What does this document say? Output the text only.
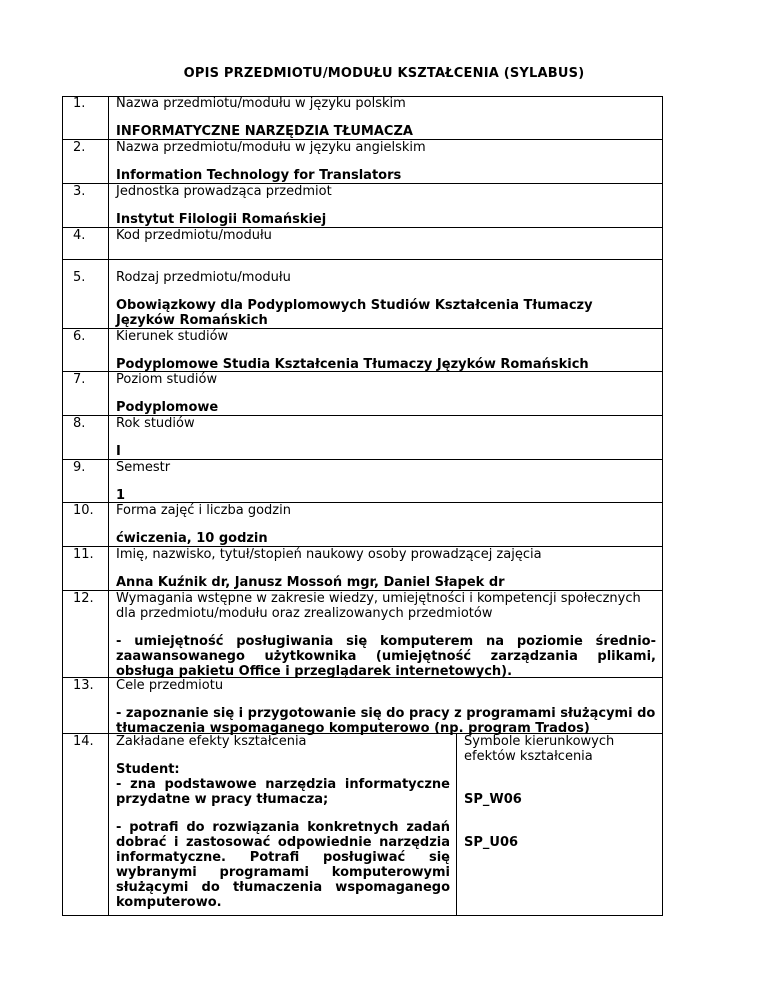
OPIS PRZEDMIOTU/MODUŁU KSZTAŁCENIA (SYLABUS)
1. Nazwa przedmiotu/modułu w języku polskim

INFORMATYCZNE NARZĘDZIA TŁUMACZA

2. Nazwa przedmiotu/modułu w języku angielskim

Information Technology for Translators

3. Jednostka prowadząca przedmiot

Instytut Filologii Romańskiej

4. Kod przedmiotu/modułu

5. Rodzaj przedmiotu/modułu

Obowiązkowy dla Podyplomowych Studiów Kształcenia Tłumaczy

Języków Romańskich

6. Kierunek studiów

Podyplomowe Studia Kształcenia Tłumaczy Języków Romańskich

7. Poziom studiów

Podyplomowe

8. Rok studiów

I

9. Semestr

1

10. Forma zajęć i liczba godzin

ćwiczenia, 10 godzin

11. Imię, nazwisko, tytuł/stopień naukowy osoby prowadzącej zajęcia

Anna Kuźnik dr, Janusz Mossoń mgr, Daniel Słapek dr

12. Wymagania wstępne w zakresie wiedzy, umiejętności i kompetencji społecznych

dla przedmiotu/modułu oraz zrealizowanych przedmiotów

- umiejętność posługiwania się komputerem na poziomie średnio-

zaawansowanego użytkownika (umiejętność zarządzania plikami,

obsługa pakietu Office i przeglądarek internetowych).

13. Cele przedmiotu

- zapoznanie się i przygotowanie się do pracy z programami służącymi do

tłumaczenia wspomaganego komputerowo (np. program Trados)

14. Zakładane efekty kształcenia

Student:

- zna podstawowe narzędzia informatyczne

przydatne w pracy tłumacza;

- potrafi do rozwiązania konkretnych zadań

dobrać i zastosować odpowiednie narzędzia

informatyczne. Potrafi posługiwać się

wybranymi programami komputerowymi

służącymi do tłumaczenia wspomaganego

komputerowo.

Symbole kierunkowych

efektów kształcenia

SP_W06

SP_U06
